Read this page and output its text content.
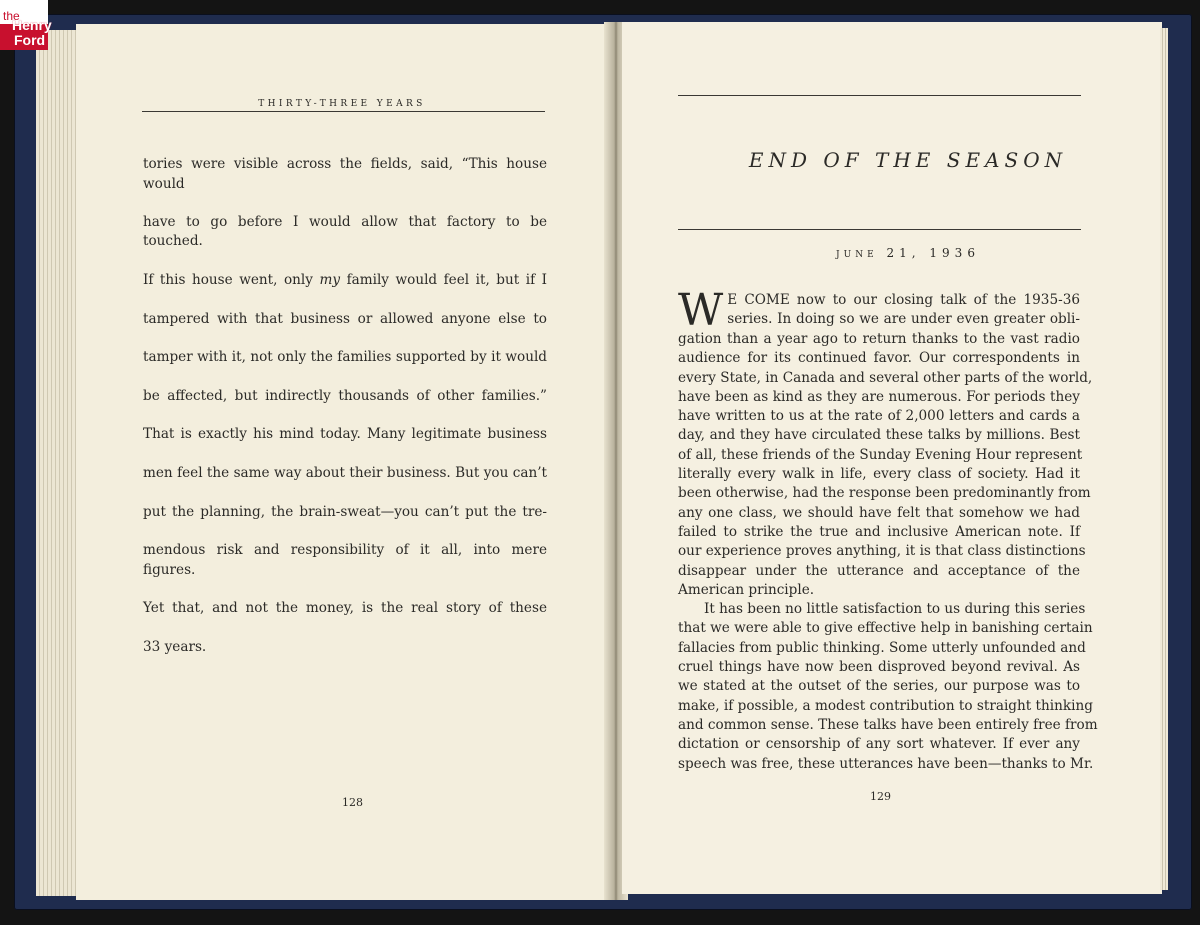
THIRTY-THREE YEARS

tories were visible across the fields, said, “This house would

have to go before I would allow that factory to be touched.

If this house went, only my family would feel it, but if I

tampered with that business or allowed anyone else to

tamper with it, not only the families supported by it would

be affected, but indirectly thousands of other families.”

That is exactly his mind today. Many legitimate business

men feel the same way about their business. But you can’t

put the planning, the brain-sweat—you can’t put the tre-

mendous risk and responsibility of it all, into mere figures.

Yet that, and not the money, is the real story of these

33 years.

128
END OF THE SEASON
JUNE 21, 1936
W E COME now to our closing talk of the 1935-36
series. In doing so we are under even greater obli-
gation than a year ago to return thanks to the vast radio
audience for its continued favor. Our correspondents in
every State, in Canada and several other parts of the world,
have been as kind as they are numerous. For periods they
have written to us at the rate of 2,000 letters and cards a
day, and they have circulated these talks by millions. Best
of all, these friends of the Sunday Evening Hour represent
literally every walk in life, every class of society. Had it
been otherwise, had the response been predominantly from
any one class, we should have felt that somehow we had
failed to strike the true and inclusive American note. If
our experience proves anything, it is that class distinctions
disappear under the utterance and acceptance of the
American principle.
It has been no little satisfaction to us during this series
that we were able to give effective help in banishing certain
fallacies from public thinking. Some utterly unfounded and
cruel things have now been disproved beyond revival. As
we stated at the outset of the series, our purpose was to
make, if possible, a modest contribution to straight thinking
and common sense. These talks have been entirely free from
dictation or censorship of any sort whatever. If ever any
speech was free, these utterances have been—thanks to Mr.
129
the
Henry
Ford
